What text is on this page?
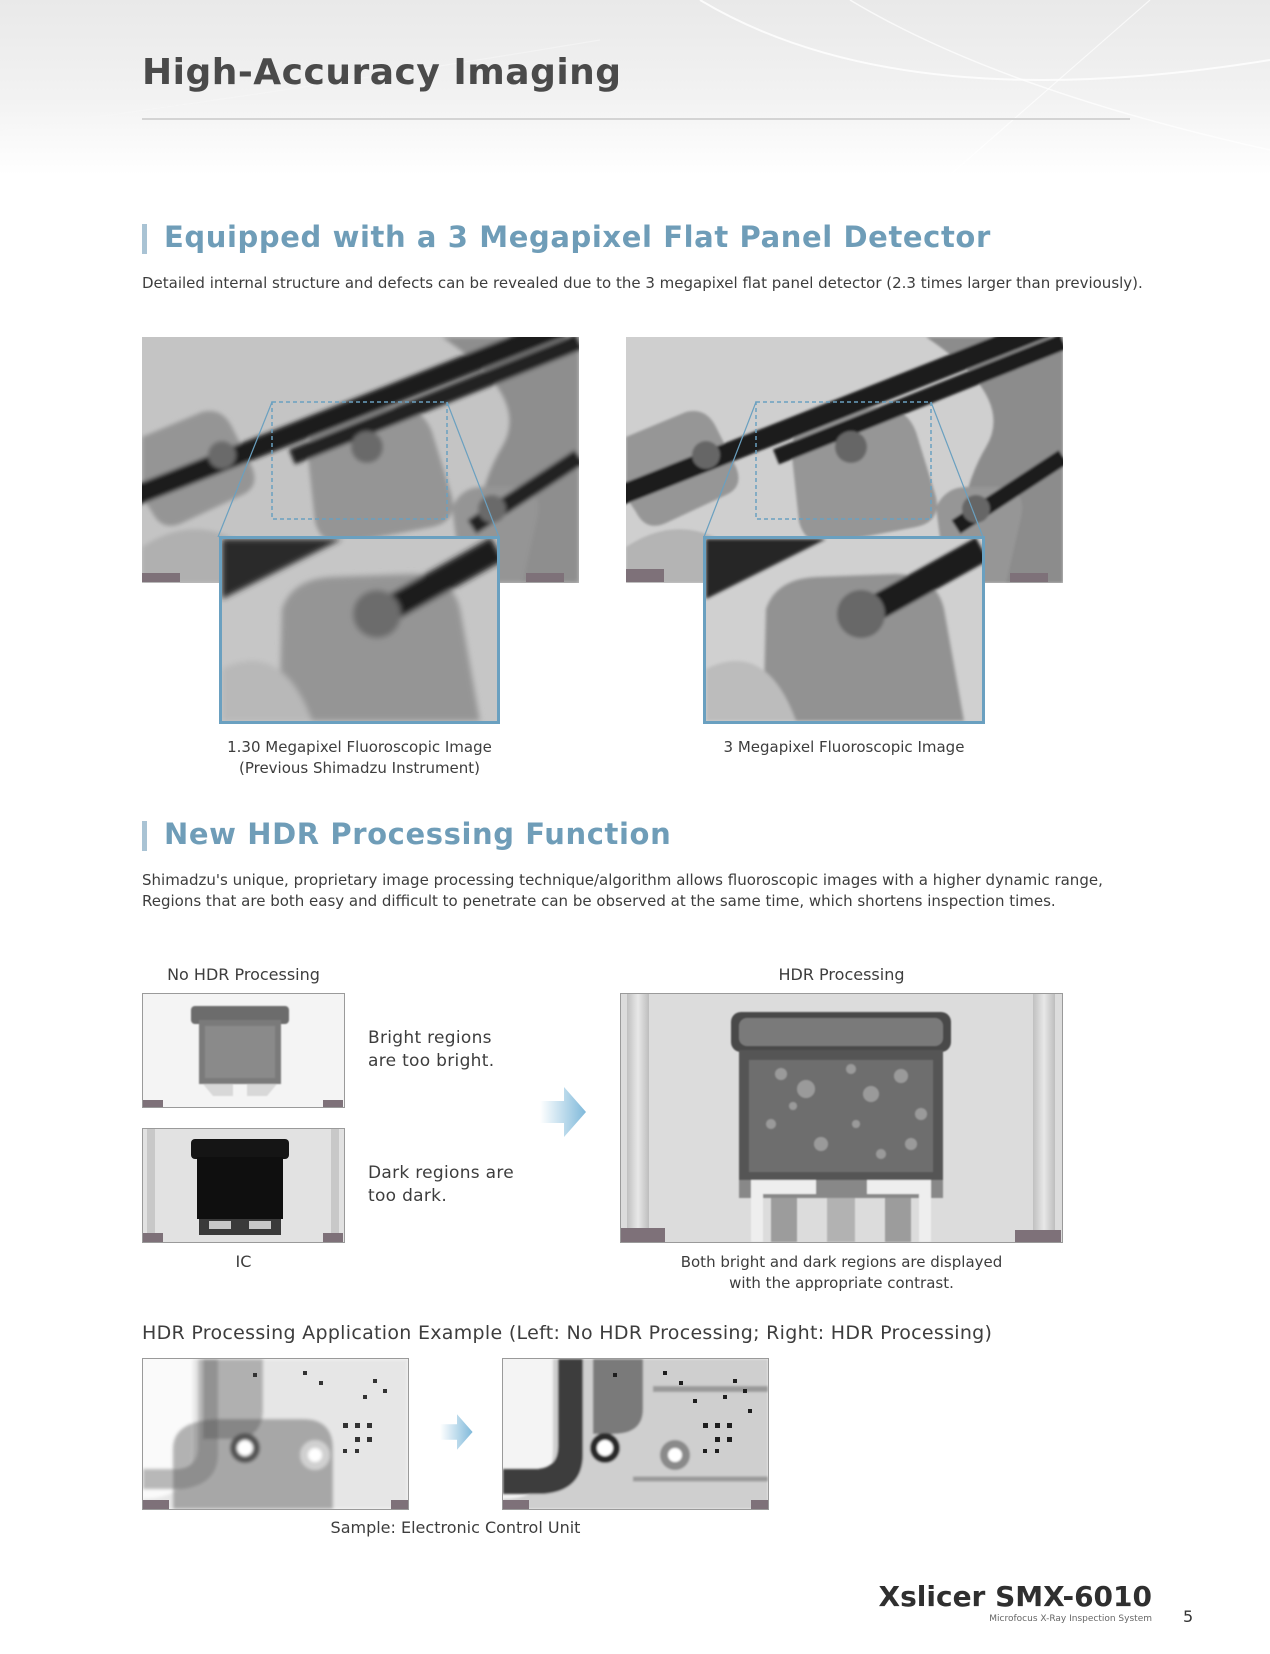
High-Accuracy Imaging
Equipped with a 3 Megapixel Flat Panel Detector
Detailed internal structure and defects can be revealed due to the 3 megapixel flat panel detector (2.3 times larger than previously).
1.30 Megapixel Fluoroscopic Image
(Previous Shimadzu Instrument)
3 Megapixel Fluoroscopic Image
New HDR Processing Function
Shimadzu's unique, proprietary image processing technique/algorithm allows fluoroscopic images with a higher dynamic range,
Regions that are both easy and difficult to penetrate can be observed at the same time, which shortens inspection times.
No HDR Processing	HDR Processing
Bright regions
are too bright.
Dark regions are
too dark.
IC	Both bright and dark regions are displayed
with the appropriate contrast.
HDR Processing Application Example (Left: No HDR Processing; Right: HDR Processing)
Sample: Electronic Control Unit
Xslicer SMX-6010
Microfocus X-Ray Inspection System 5
